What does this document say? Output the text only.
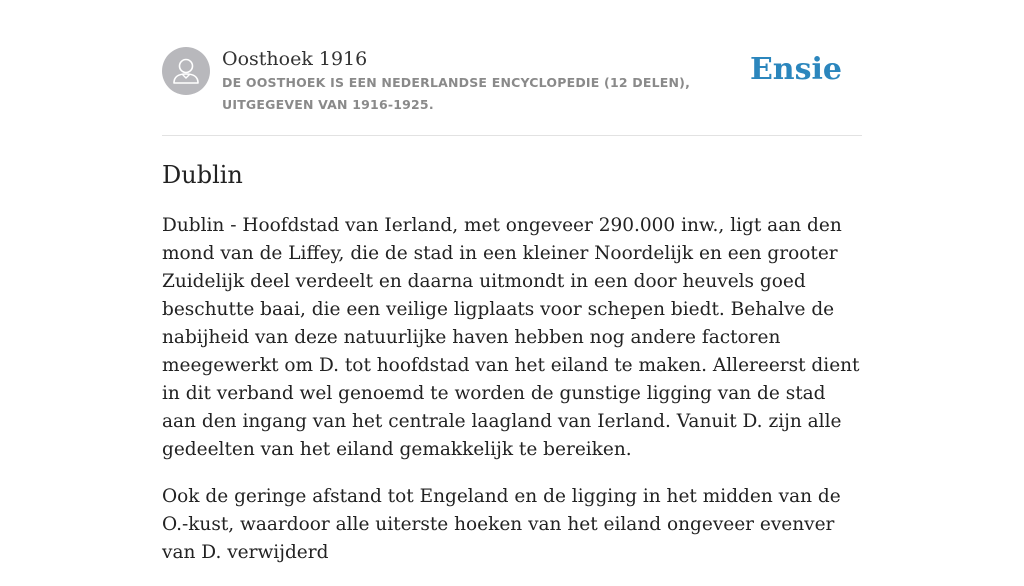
Oosthoek 1916
DE OOSTHOEK IS EEN NEDERLANDSE ENCYCLOPEDIE (12 DELEN), UITGEGEVEN VAN 1916-1925.
Ensie
Dublin

Dublin - Hoofdstad van Ierland, met ongeveer 290.000 inw., ligt aan den mond van de Liffey, die de stad in een kleiner Noordelijk en een grooter Zuidelijk deel verdeelt en daarna uitmondt in een door heuvels goed beschutte baai, die een veilige ligplaats voor schepen biedt. Behalve de nabijheid van deze natuurlijke haven hebben nog andere factoren meegewerkt om D. tot hoofdstad van het eiland te maken. Allereerst dient in dit verband wel genoemd te worden de gunstige ligging van de stad aan den ingang van het centrale laagland van Ierland. Vanuit D. zijn alle gedeelten van het eiland gemakkelijk te bereiken.

Ook de geringe afstand tot Engeland en de ligging in het midden van de O.-kust, waardoor alle uiterste hoeken van het eiland ongeveer evenver van D. verwijderd
